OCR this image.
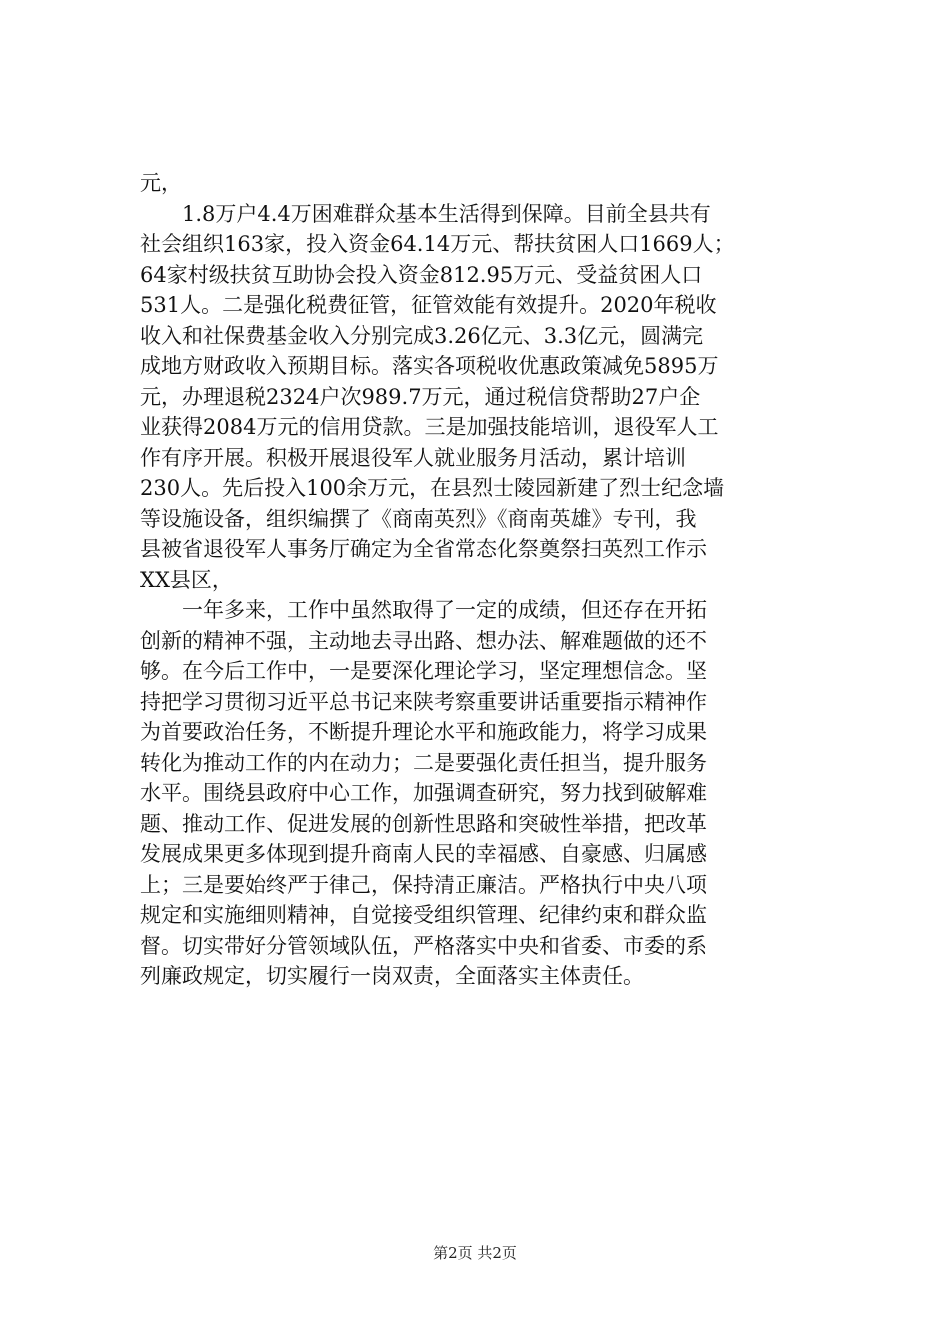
元，
1.8万户4.4万困难群众基本生活得到保障。目前全县共有
社会组织163家，投入资金64.14万元、帮扶贫困人口1669人；
64家村级扶贫互助协会投入资金812.95万元、受益贫困人口
531人。二是强化税费征管，征管效能有效提升。2020年税收
收入和社保费基金收入分别完成3.26亿元、3.3亿元，圆满完
成地方财政收入预期目标。落实各项税收优惠政策减免5895万
元，办理退税2324户次989.7万元，通过税信贷帮助27户企
业获得2084万元的信用贷款。三是加强技能培训，退役军人工
作有序开展。积极开展退役军人就业服务月活动，累计培训
230人。先后投入100余万元，在县烈士陵园新建了烈士纪念墙
等设施设备，组织编撰了《商南英烈》《商南英雄》专刊，我
县被省退役军人事务厅确定为全省常态化祭奠祭扫英烈工作示
XX县区，
一年多来，工作中虽然取得了一定的成绩，但还存在开拓
创新的精神不强，主动地去寻出路、想办法、解难题做的还不
够。在今后工作中，一是要深化理论学习，坚定理想信念。坚
持把学习贯彻习近平总书记来陕考察重要讲话重要指示精神作
为首要政治任务，不断提升理论水平和施政能力，将学习成果
转化为推动工作的内在动力；二是要强化责任担当，提升服务
水平。围绕县政府中心工作，加强调查研究，努力找到破解难
题、推动工作、促进发展的创新性思路和突破性举措，把改革
发展成果更多体现到提升商南人民的幸福感、自豪感、归属感
上；三是要始终严于律己，保持清正廉洁。严格执行中央八项
规定和实施细则精神，自觉接受组织管理、纪律约束和群众监
督。切实带好分管领域队伍，严格落实中央和省委、市委的系
列廉政规定，切实履行一岗双责，全面落实主体责任。
第2页 共2页
